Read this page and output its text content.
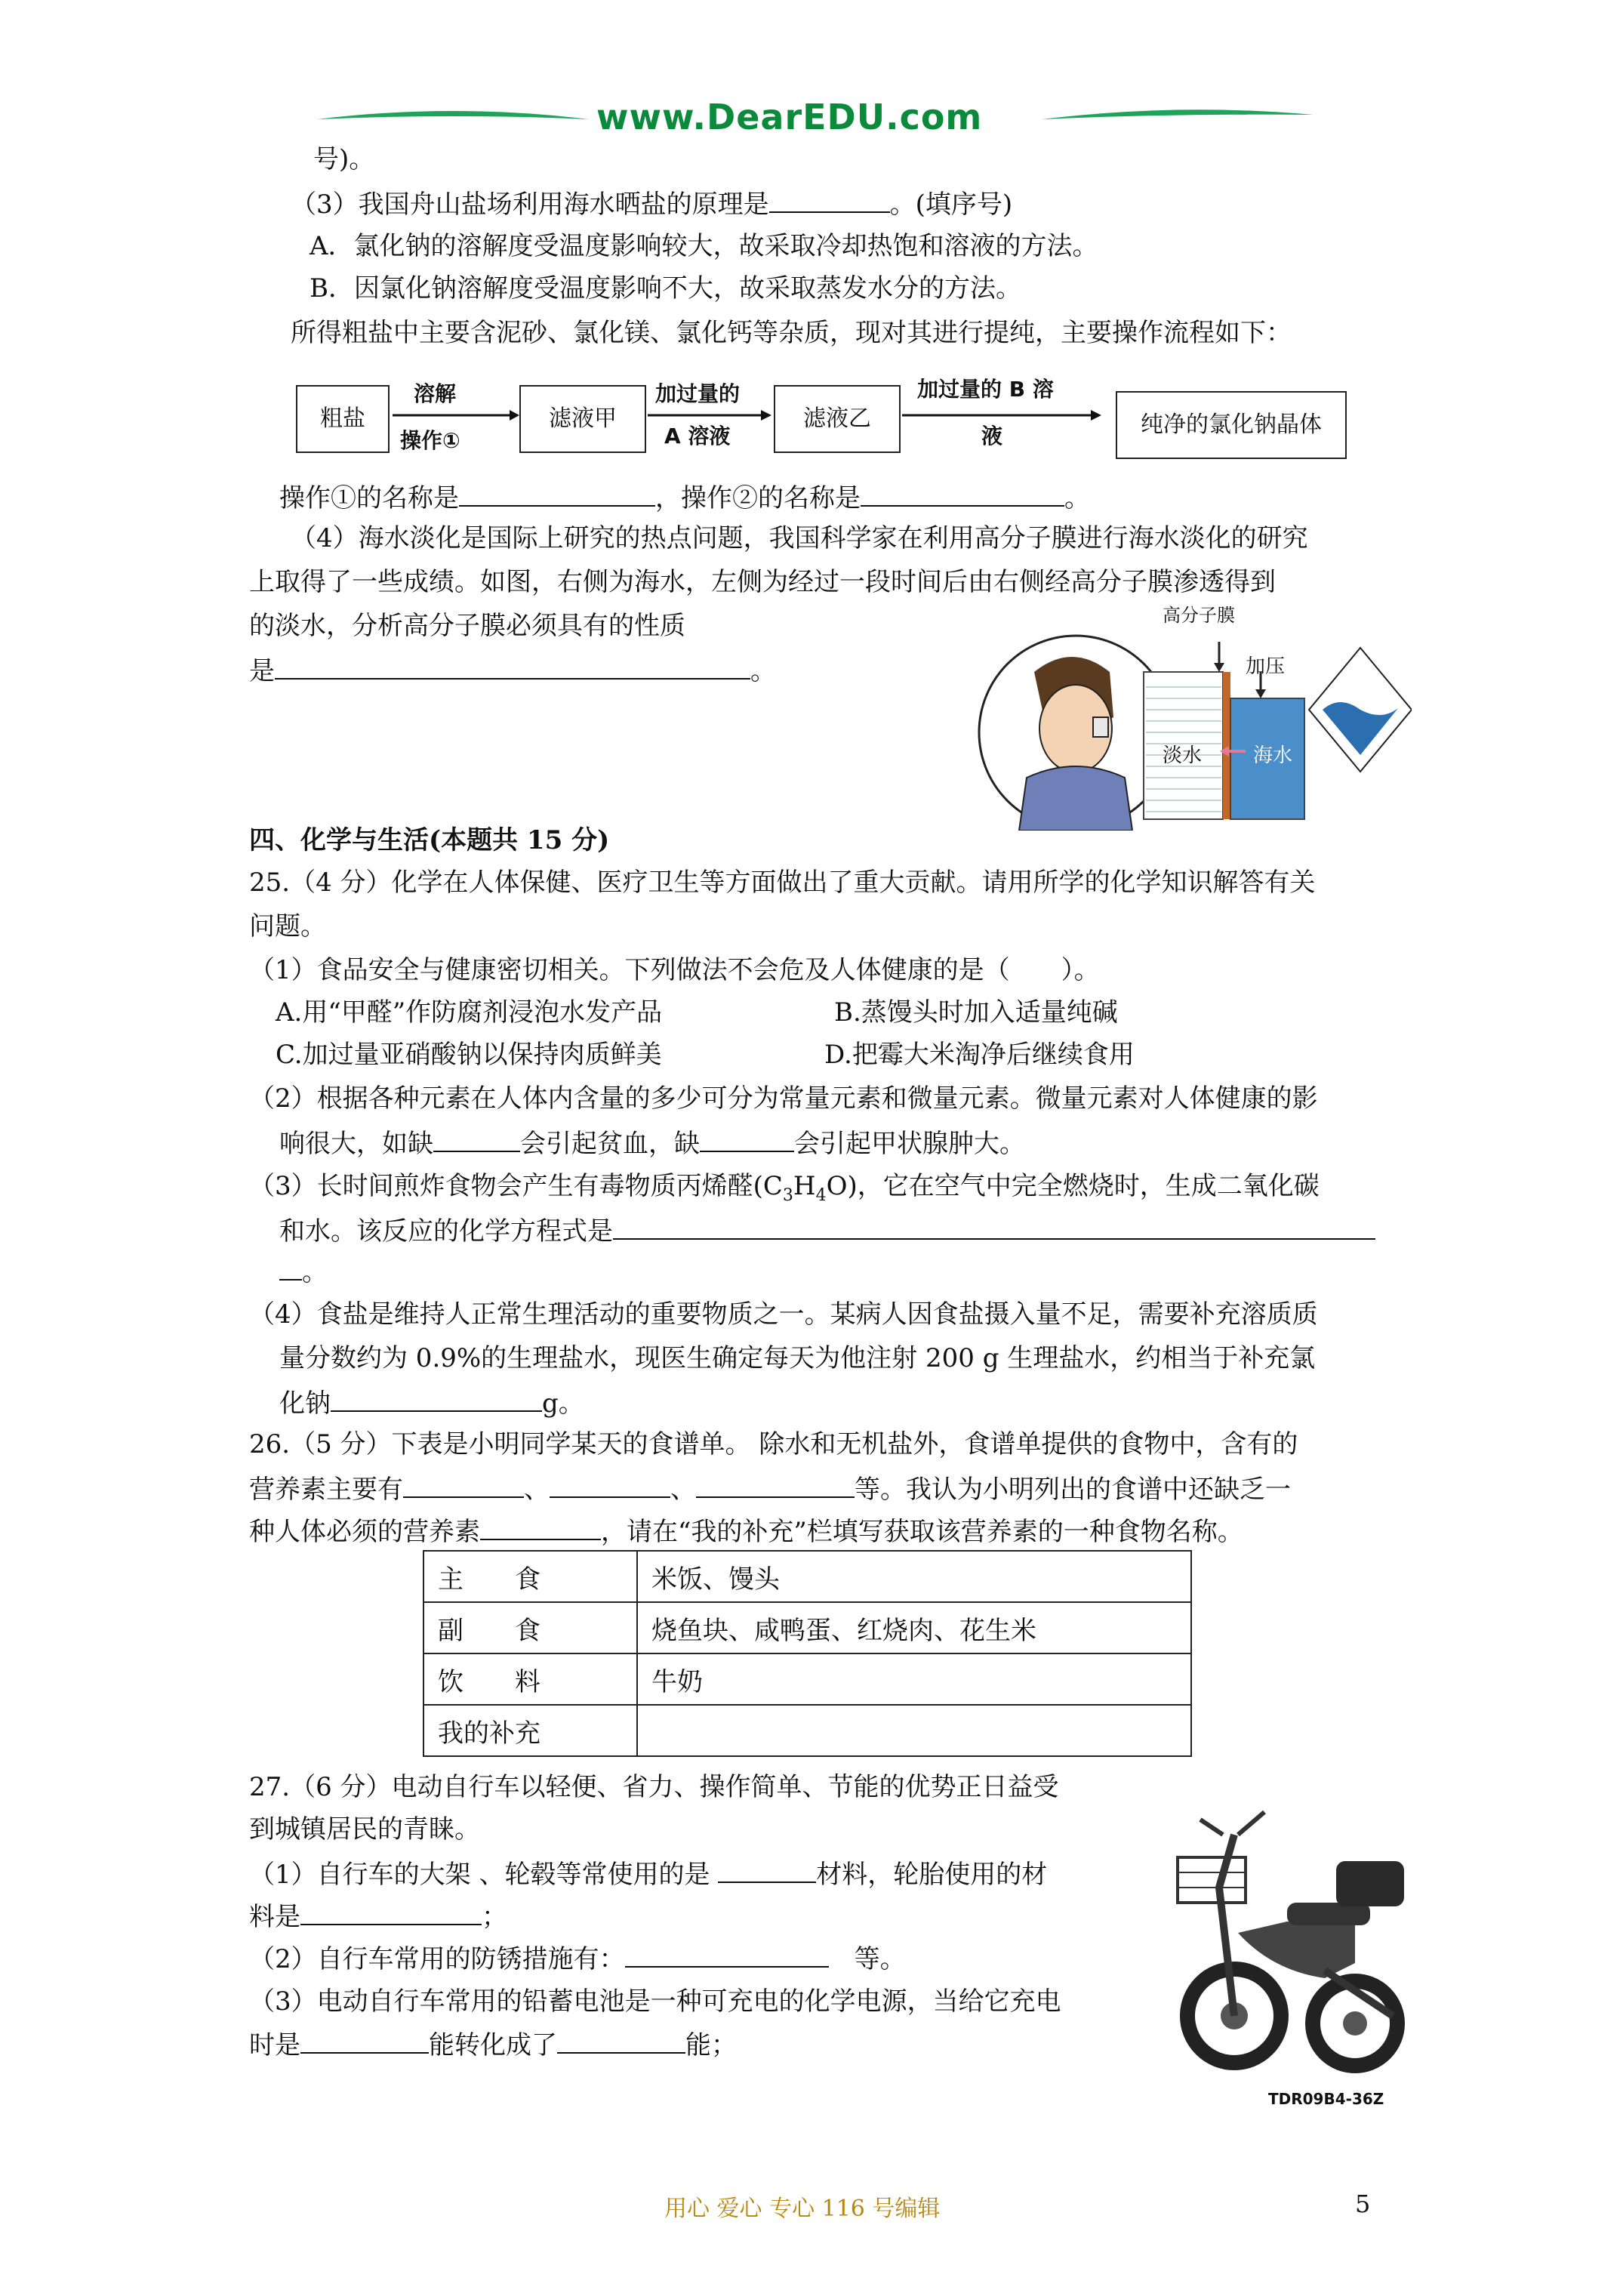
www.DearEDU.com
号)。
（3）我国舟山盐场利用海水晒盐的原理是	。(填序号)
A．氯化钠的溶解度受温度影响较大，故采取冷却热饱和溶液的方法。
B．因氯化钠溶解度受温度影响不大，故采取蒸发水分的方法。
所得粗盐中主要含泥砂、氯化镁、氯化钙等杂质，现对其进行提纯，主要操作流程如下：
粗盐
溶解
操作①
滤液甲
加过量的
A 溶液
滤液乙
加过量的 B 溶
液	纯净的氯化钠晶体
操作①的名称是	，操作②的名称是	。
（4）海水淡化是国际上研究的热点问题，我国科学家在利用高分子膜进行海水淡化的研究
上取得了一些成绩。如图，右侧为海水，左侧为经过一段时间后由右侧经高分子膜渗透得到
的淡水，分析高分子膜必须具有的性质
是	。
高分子膜
加压
淡水	海水
四、化学与生活(本题共 15 分)
25.（4 分）化学在人体保健、医疗卫生等方面做出了重大贡献。请用所学的化学知识解答有关
问题。
（1）食品安全与健康密切相关。下列做法不会危及人体健康的是（　　）。
A.用“甲醛”作防腐剂浸泡水发产品	B.蒸馒头时加入适量纯碱
C.加过量亚硝酸钠以保持肉质鲜美	D.把霉大米淘净后继续食用
（2）根据各种元素在人体内含量的多少可分为常量元素和微量元素。微量元素对人体健康的影
响很大，如缺	会引起贫血，缺	会引起甲状腺肿大。
（3）长时间煎炸食物会产生有毒物质丙烯醛$(C_3H_4O)$，它在空气中完全燃烧时，生成二氧化碳
和水。该反应的化学方程式是
。
（4）食盐是维持人正常生理活动的重要物质之一。某病人因食盐摄入量不足，需要补充溶质质
量分数约为 0.9%的生理盐水，现医生确定每天为他注射 200 g 生理盐水，约相当于补充氯
化钠	g。
26.（5 分）下表是小明同学某天的食谱单。 除水和无机盐外，食谱单提供的食物中，含有的
营养素主要有	、	、	等。我认为小明列出的食谱中还缺乏一
种人体必须的营养素	，请在“我的补充”栏填写获取该营养素的一种食物名称。
主　　食	米饭、馒头
副　　食	烧鱼块、咸鸭蛋、红烧肉、花生米
饮　　料	牛奶
我的补充	
27.（6 分）电动自行车以轻便、省力、操作简单、节能的优势正日益受
到城镇居民的青睐。
（1）自行车的大架 、轮毂等常使用的是	材料，轮胎使用的材
料是	；
（2）自行车常用的防锈措施有：　	等。
（3）电动自行车常用的铅蓄电池是一种可充电的化学电源，当给它充电
时是	能转化成了	能；
TDR09B4-36Z
用心 爱心 专心 116 号编辑	5
